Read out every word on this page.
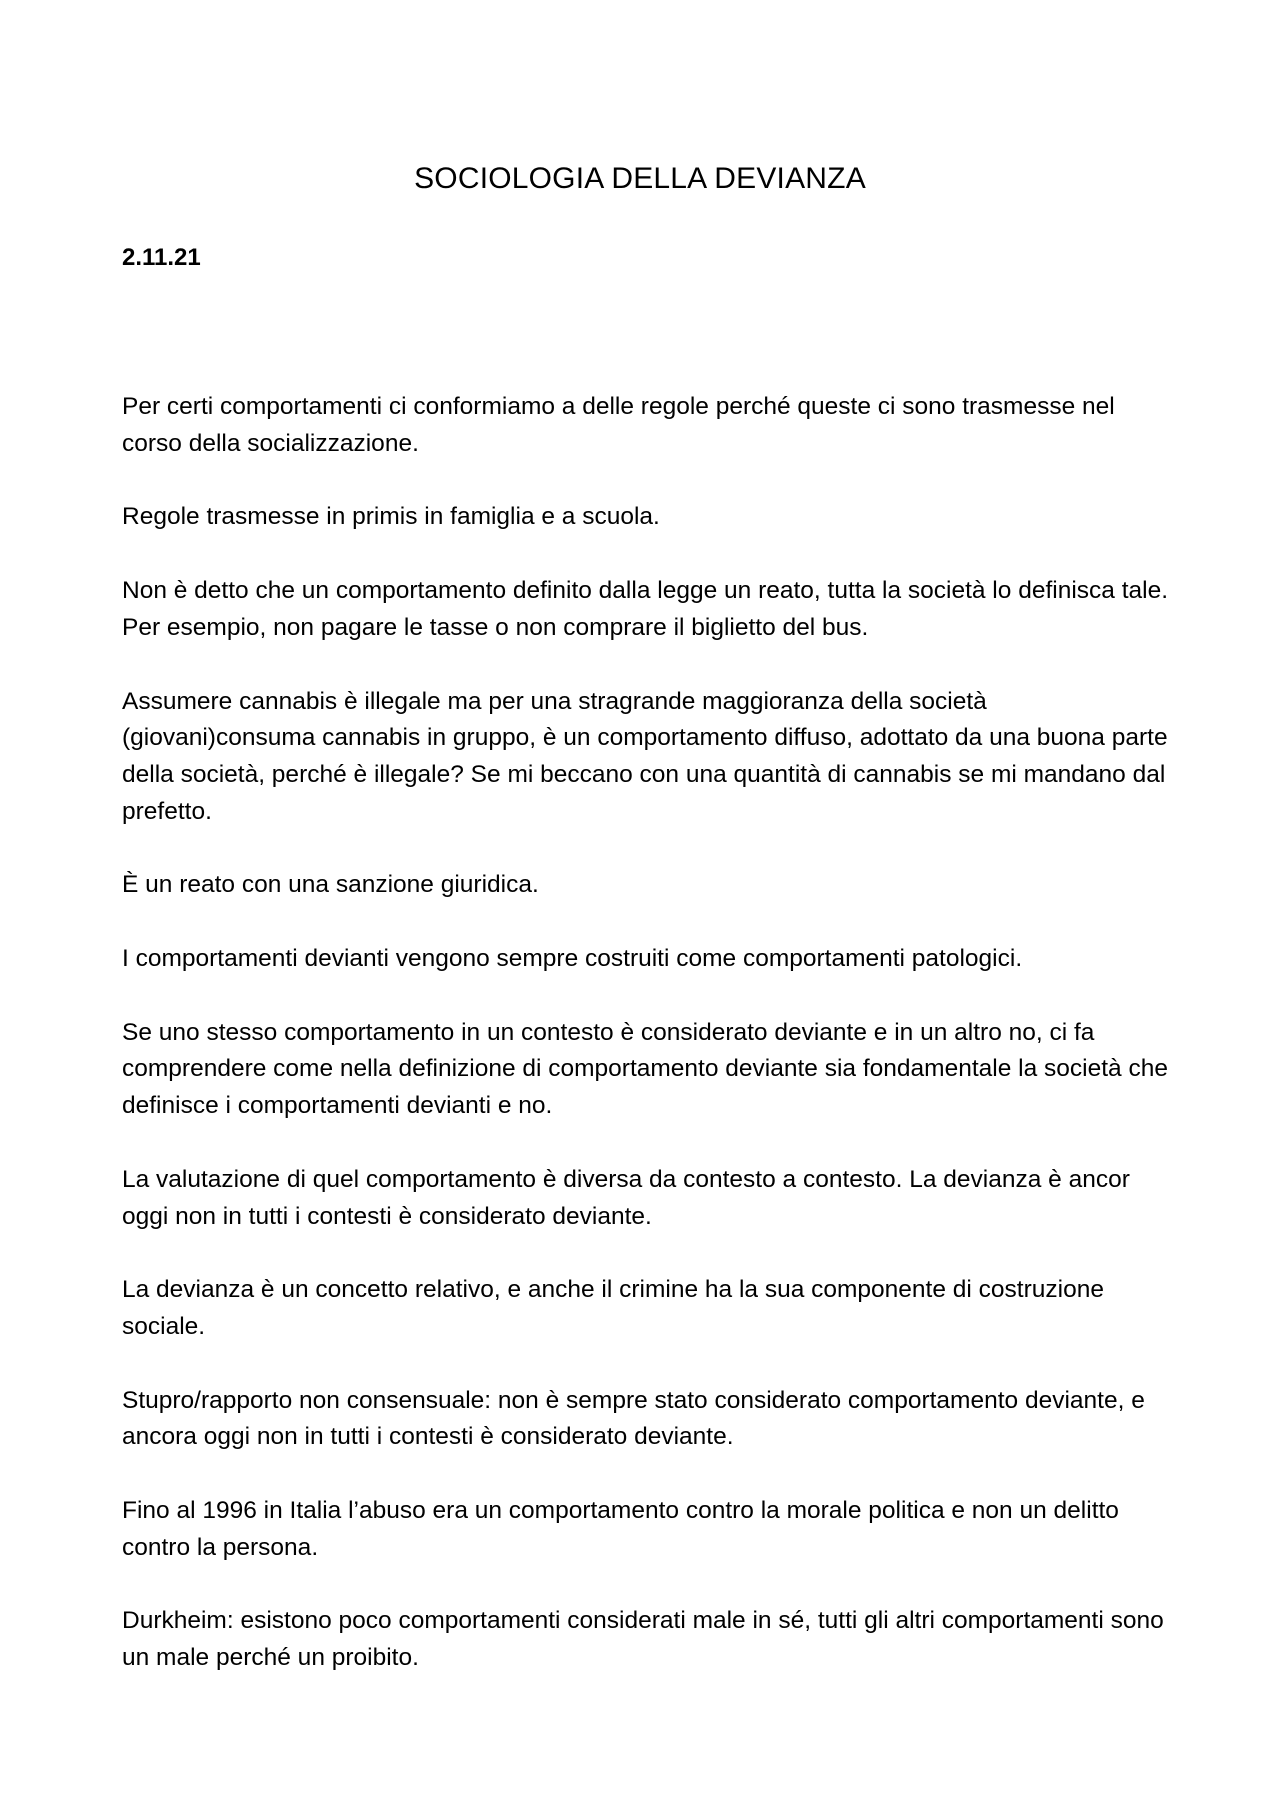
SOCIOLOGIA DELLA DEVIANZA
2.11.21

Per certi comportamenti ci conformiamo a delle regole perché queste ci sono trasmesse nel corso della socializzazione.

Regole trasmesse in primis in famiglia e a scuola.

Non è detto che un comportamento definito dalla legge un reato, tutta la società lo definisca tale. Per esempio, non pagare le tasse o non comprare il biglietto del bus.

Assumere cannabis è illegale ma per una stragrande maggioranza della società (giovani)consuma cannabis in gruppo, è un comportamento diffuso, adottato da una buona parte della società, perché è illegale? Se mi beccano con una quantità di cannabis se mi mandano dal prefetto.

È un reato con una sanzione giuridica.

I comportamenti devianti vengono sempre costruiti come comportamenti patologici.

Se uno stesso comportamento in un contesto è considerato deviante e in un altro no, ci fa comprendere come nella definizione di comportamento deviante sia fondamentale la società che definisce i comportamenti devianti e no.

La valutazione di quel comportamento è diversa da contesto a contesto. La devianza è ancor oggi non in tutti i contesti è considerato deviante.

La devianza è un concetto relativo, e anche il crimine ha la sua componente di costruzione sociale.

Stupro/rapporto non consensuale: non è sempre stato considerato comportamento deviante, e ancora oggi non in tutti i contesti è considerato deviante.

Fino al 1996 in Italia l’abuso era un comportamento contro la morale politica e non un delitto contro la persona.

Durkheim: esistono poco comportamenti considerati male in sé, tutti gli altri comportamenti sono un male perché un proibito.
